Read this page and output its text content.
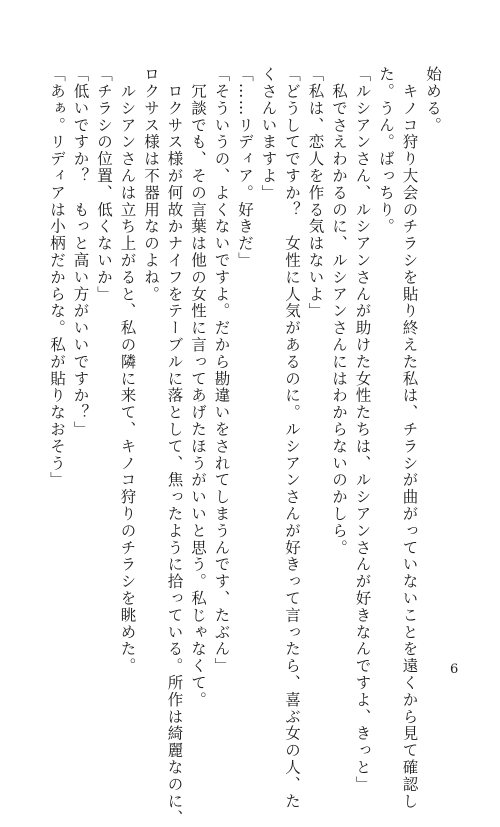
始める。
　キノコ狩り大会のチラシを貼り終えた私は、チラシが曲がっていないことを遠くから見て確認し
た。うん。ばっちり。
「ルシアンさん、ルシアンさんが助けた女性たちは、ルシアンさんが好きなんですよ、きっと」
　私でさえわかるのに、ルシアンさんにはわからないのかしら。
「私は、恋人を作る気はないよ」
「どうしてですか？　女性に人気があるのに。ルシアンさんが好きって言ったら、喜ぶ女の人、た
くさんいますよ」
「……リディア。好きだ」
「そういうの、よくないですよ。だから勘違いをされてしまうんです、たぶん」
　冗談でも、その言葉は他の女性に言ってあげたほうがいいと思う。私じゃなくて。
　ロクサス様が何故かナイフをテーブルに落として、焦ったように拾っている。所作は綺麗なのに、
ロクサス様は不器用なのよね。
　ルシアンさんは立ち上がると、私の隣に来て、キノコ狩りのチラシを眺めた。
「チラシの位置、低くないか」
「低いですか？　もっと高い方がいいですか？」
「あぁ。リディアは小柄だからな。私が貼りなおそう」
6
